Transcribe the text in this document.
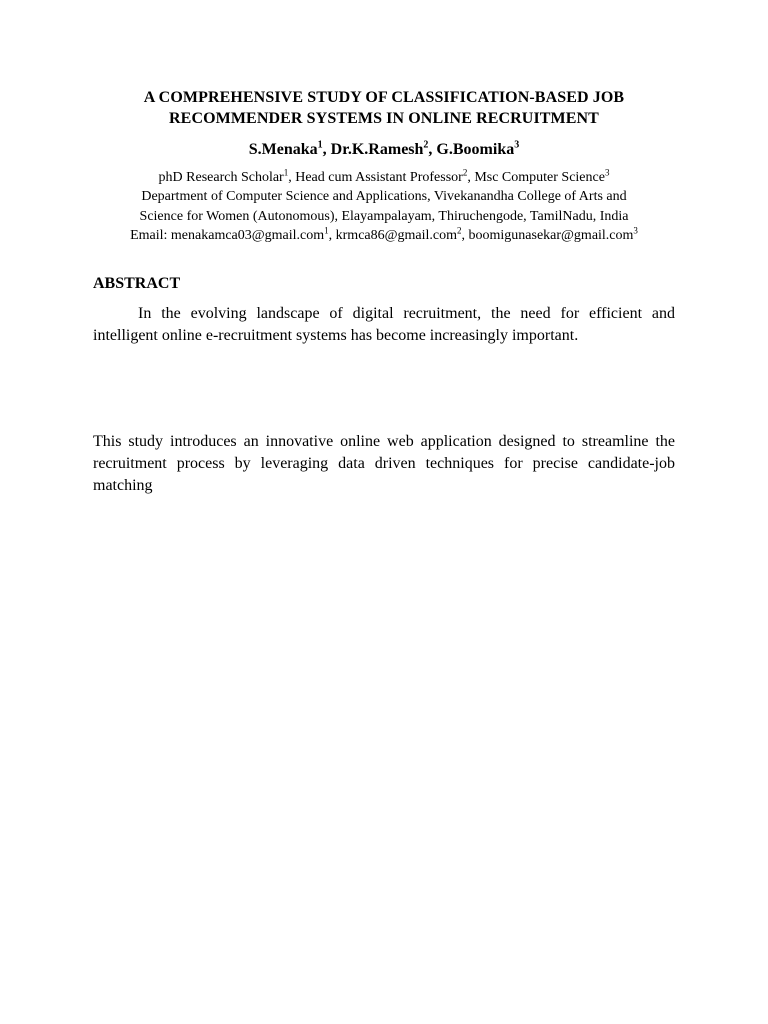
A COMPREHENSIVE STUDY OF CLASSIFICATION-BASED JOB
RECOMMENDER SYSTEMS IN ONLINE RECRUITMENT
S.Menaka$^1$, Dr.K.Ramesh$^2$, G.Boomika$^3$
phD Research Scholar$^1$, Head cum Assistant Professor$^2$, Msc Computer Science$^3$
Department of Computer Science and Applications, Vivekanandha College of Arts and
Science for Women (Autonomous), Elayampalayam, Thiruchengode, TamilNadu, India
Email: menakamca03@gmail.com$^1$, krmca86@gmail.com$^2$, boomigunasekar@gmail.com$^3$
ABSTRACT

In the evolving landscape of digital recruitment, the need for efficient and intelligent online e-recruitment systems has become increasingly important.

This study introduces an innovative online web application designed to streamline the recruitment process by leveraging data driven techniques for precise candidate-job matching
